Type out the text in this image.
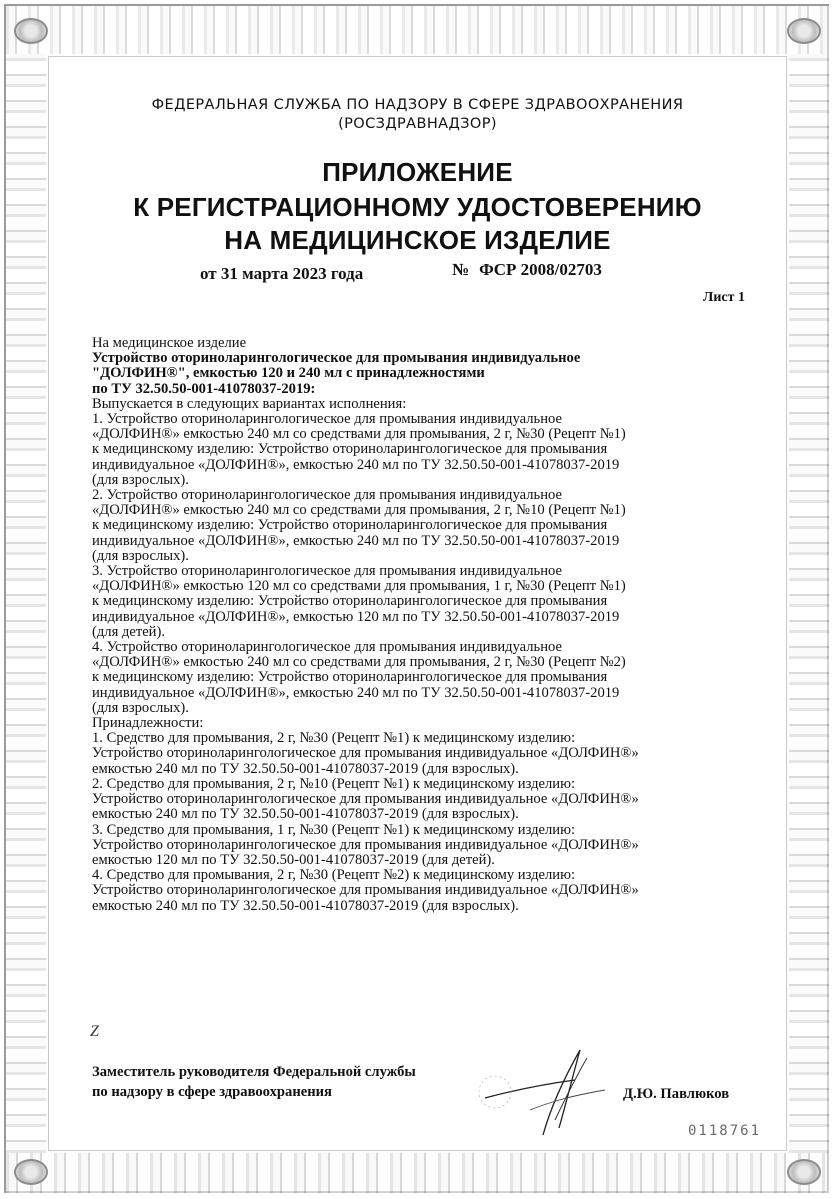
ФЕДЕРАЛЬНАЯ СЛУЖБА ПО НАДЗОРУ В СФЕРЕ ЗДРАВООХРАНЕНИЯ
(РОСЗДРАВНАДЗОР)
ПРИЛОЖЕНИЕ
К РЕГИСТРАЦИОННОМУ УДОСТОВЕРЕНИЮ
НА МЕДИЦИНСКОЕ ИЗДЕЛИЕ
от 31 марта 2023 года	№ ФСР 2008/02703
Лист 1

На медицинское изделие

Устройство оториноларингологическое для промывания индивидуальное

"ДОЛФИН®", емкостью 120 и 240 мл с принадлежностями

по ТУ 32.50.50-001-41078037-2019:

Выпускается в следующих вариантах исполнения:

1. Устройство оториноларингологическое для промывания индивидуальное

«ДОЛФИН®» емкостью 240 мл со средствами для промывания, 2 г, №30 (Рецепт №1)

к медицинскому изделию: Устройство оториноларингологическое для промывания

индивидуальное «ДОЛФИН®», емкостью 240 мл по ТУ 32.50.50-001-41078037-2019

(для взрослых).

2. Устройство оториноларингологическое для промывания индивидуальное

«ДОЛФИН®» емкостью 240 мл со средствами для промывания, 2 г, №10 (Рецепт №1)

к медицинскому изделию: Устройство оториноларингологическое для промывания

индивидуальное «ДОЛФИН®», емкостью 240 мл по ТУ 32.50.50-001-41078037-2019

(для взрослых).

3. Устройство оториноларингологическое для промывания индивидуальное

«ДОЛФИН®» емкостью 120 мл со средствами для промывания, 1 г, №30 (Рецепт №1)

к медицинскому изделию: Устройство оториноларингологическое для промывания

индивидуальное «ДОЛФИН®», емкостью 120 мл по ТУ 32.50.50-001-41078037-2019

(для детей).

4. Устройство оториноларингологическое для промывания индивидуальное

«ДОЛФИН®» емкостью 240 мл со средствами для промывания, 2 г, №30 (Рецепт №2)

к медицинскому изделию: Устройство оториноларингологическое для промывания

индивидуальное «ДОЛФИН®», емкостью 240 мл по ТУ 32.50.50-001-41078037-2019

(для взрослых).

Принадлежности:

1. Средство для промывания, 2 г, №30 (Рецепт №1) к медицинскому изделию:

Устройство оториноларингологическое для промывания индивидуальное «ДОЛФИН®»

емкостью 240 мл по ТУ 32.50.50-001-41078037-2019 (для взрослых).

2. Средство для промывания, 2 г, №10 (Рецепт №1) к медицинскому изделию:

Устройство оториноларингологическое для промывания индивидуальное «ДОЛФИН®»

емкостью 240 мл по ТУ 32.50.50-001-41078037-2019 (для взрослых).

3. Средство для промывания, 1 г, №30 (Рецепт №1) к медицинскому изделию:

Устройство оториноларингологическое для промывания индивидуальное «ДОЛФИН®»

емкостью 120 мл по ТУ 32.50.50-001-41078037-2019 (для детей).

4. Средство для промывания, 2 г, №30 (Рецепт №2) к медицинскому изделию:

Устройство оториноларингологическое для промывания индивидуальное «ДОЛФИН®»

емкостью 240 мл по ТУ 32.50.50-001-41078037-2019 (для взрослых).

Z
Заместитель руководителя Федеральной службы
по надзору в сфере здравоохранения	Д.Ю. Павлюков
0118761
